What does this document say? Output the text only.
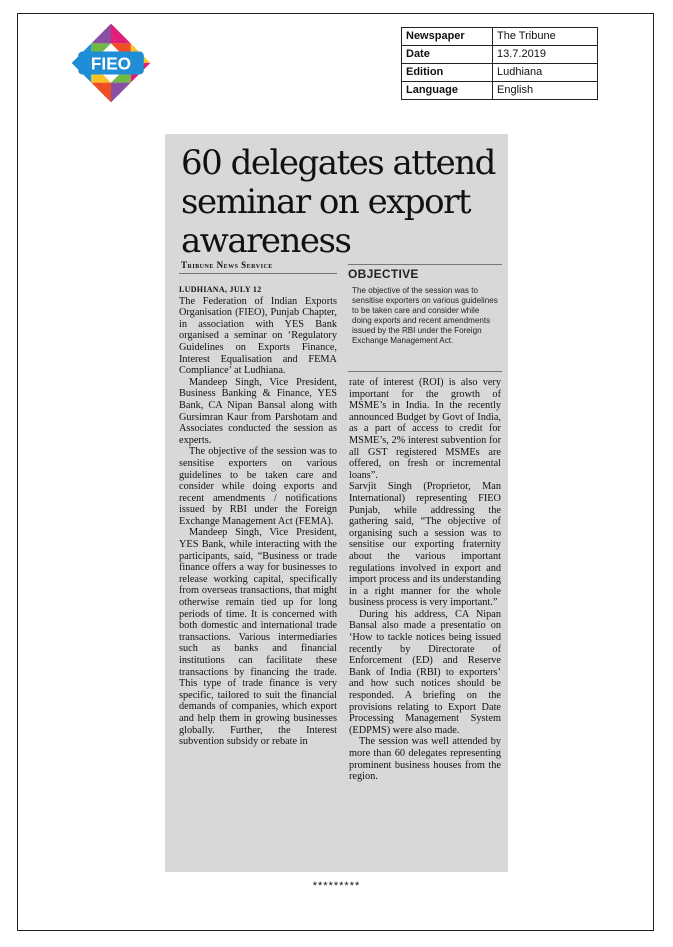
FIEO
Newspaper	The Tribune
Date	13.7.2019
Edition	Ludhiana
Language	English
60 delegates attend seminar on export awareness
Tribune News Service
LUDHIANA, JULY 12

The Federation of Indian Exports Organisation (FIEO), Punjab Chapter, in association with YES Bank organised a seminar on ‘Regulatory Guidelines on Exports Finance, Interest Equalisation and FEMA Compliance’ at Ludhiana.

Mandeep Singh, Vice President, Business Banking & Finance, YES Bank, CA Nipan Bansal along with Gursimran Kaur from Parshotam and Associates conducted the session as experts.

The objective of the session was to sensitise exporters on various guidelines to be taken care and consider while doing exports and recent amendments / notifications issued by RBI under the Foreign Exchange Management Act (FEMA).

Mandeep Singh, Vice President, YES Bank, while interacting with the participants, said, “Business or trade finance offers a way for businesses to release working capital, specifically from overseas transactions, that might otherwise remain tied up for long periods of time. It is concerned with both domestic and international trade transactions. Various intermediaries such as banks and financial institutions can facilitate these transactions by financing the trade. This type of trade finance is very specific, tailored to suit the financial demands of companies, which export and help them in growing businesses globally. Further, the Interest subvention subsidy or rebate in

OBJECTIVE
The objective of the session was to sensitise exporters on various guidelines to be taken care and consider while doing exports and recent amendments issued by the RBI under the Foreign Exchange Management Act.

rate of interest (ROI) is also very important for the growth of MSME’s in India. In the recently announced Budget by Govt of India, as a part of access to credit for MSME’s, 2% interest subvention for all GST registered MSMEs are offered, on fresh or incremental loans”.

Sarvjit Singh (Proprietor, Man International) representing FIEO Punjab, while addressing the gathering said, “The objective of organising such a session was to sensitise our exporting fraternity about the various important regulations involved in export and import process and its understanding in a right manner for the whole business process is very important.”

During his address, CA Nipan Bansal also made a presentatio on ‘How to tackle notices being issued recently by Directorate of Enforcement (ED) and Reserve Bank of India (RBI) to exporters’ and how such notices should be responded. A briefing on the provisions relating to Export Date Processing Management System (EDPMS) were also made.

The session was well attended by more than 60 delegates representing prominent business houses from the region.

*********
